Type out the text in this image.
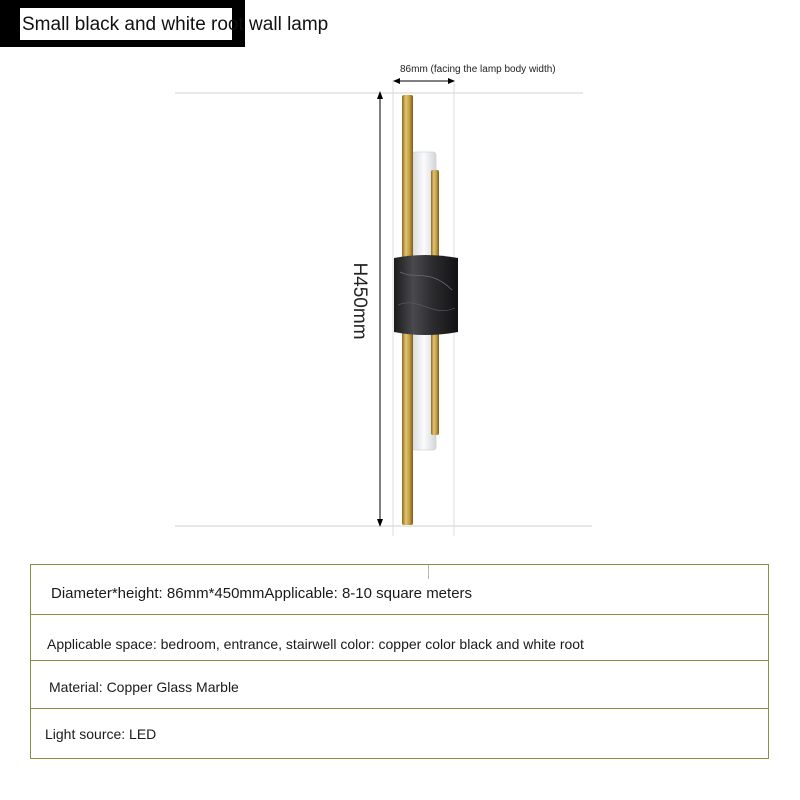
Small black and white root wall lamp
86mm (facing the lamp body width)
H450mm
Diameter*height: 86mm*450mmApplicable: 8-10 square meters
Applicable space: bedroom, entrance, stairwell color: copper color black and white root
Material: Copper Glass Marble
Light source: LED
